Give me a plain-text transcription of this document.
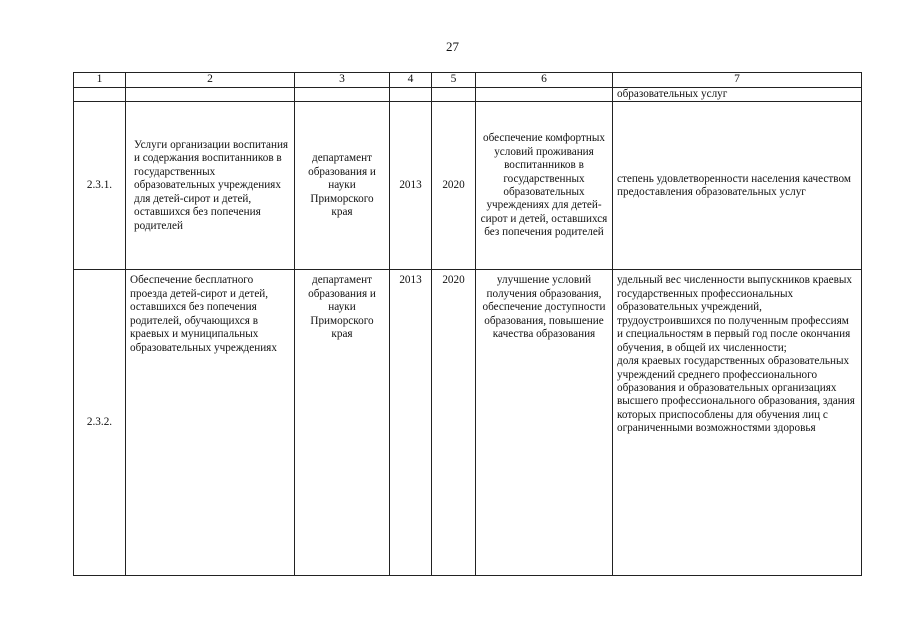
27
1	2	3	4	5	6	7
						образовательных услуг
2.3.1.	Услуги организации воспитания и содержания воспитанников в государственных образовательных учреждениях для детей-сирот и детей, оставшихся без попечения родителей	департамент образования и науки Приморского края	2013	2020	обеспечение комфортных условий проживания воспитанников в государственных образовательных учреждениях для детей-сирот и детей, оставшихся без попечения родителей	степень удовлетворенности населения качеством предоставления образовательных услуг
2.3.2.	Обеспечение бесплатного проезда детей-сирот и детей, оставшихся без попечения родителей, обучающихся в краевых и муниципальных образовательных учреждениях	департамент образования и науки Приморского края	2013	2020	улучшение условий получения образования, обеспечение доступности образования, повышение качества образования	удельный вес численности выпускников краевых государственных профессиональных образовательных учреждений, трудоустроившихся по полученным профессиям и специальностям в первый год после окончания обучения, в общей их численности;
доля краевых государственных образовательных учреждений среднего профессионального образования и образовательных организациях высшего профессионального образования, здания которых приспособлены для обучения лиц с ограниченными возможностями здоровья
